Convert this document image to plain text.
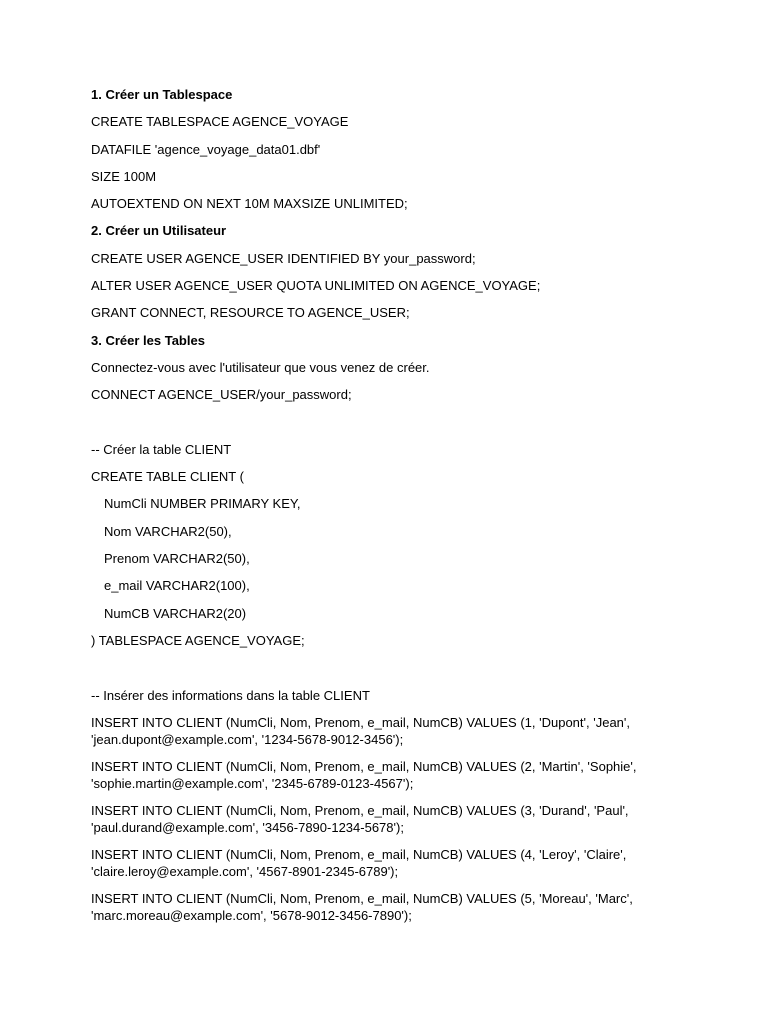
1. Créer un Tablespace
CREATE TABLESPACE AGENCE_VOYAGE
DATAFILE 'agence_voyage_data01.dbf'
SIZE 100M
AUTOEXTEND ON NEXT 10M MAXSIZE UNLIMITED;
2. Créer un Utilisateur
CREATE USER AGENCE_USER IDENTIFIED BY your_password;
ALTER USER AGENCE_USER QUOTA UNLIMITED ON AGENCE_VOYAGE;
GRANT CONNECT, RESOURCE TO AGENCE_USER;
3. Créer les Tables
Connectez-vous avec l'utilisateur que vous venez de créer.
CONNECT AGENCE_USER/your_password;
-- Créer la table CLIENT
CREATE TABLE CLIENT (
NumCli NUMBER PRIMARY KEY,
Nom VARCHAR2(50),
Prenom VARCHAR2(50),
e_mail VARCHAR2(100),
NumCB VARCHAR2(20)
) TABLESPACE AGENCE_VOYAGE;
-- Insérer des informations dans la table CLIENT
INSERT INTO CLIENT (NumCli, Nom, Prenom, e_mail, NumCB) VALUES (1, 'Dupont', 'Jean',
'jean.dupont@example.com', '1234-5678-9012-3456');
INSERT INTO CLIENT (NumCli, Nom, Prenom, e_mail, NumCB) VALUES (2, 'Martin', 'Sophie',
'sophie.martin@example.com', '2345-6789-0123-4567');
INSERT INTO CLIENT (NumCli, Nom, Prenom, e_mail, NumCB) VALUES (3, 'Durand', 'Paul',
'paul.durand@example.com', '3456-7890-1234-5678');
INSERT INTO CLIENT (NumCli, Nom, Prenom, e_mail, NumCB) VALUES (4, 'Leroy', 'Claire',
'claire.leroy@example.com', '4567-8901-2345-6789');
INSERT INTO CLIENT (NumCli, Nom, Prenom, e_mail, NumCB) VALUES (5, 'Moreau', 'Marc',
'marc.moreau@example.com', '5678-9012-3456-7890');
